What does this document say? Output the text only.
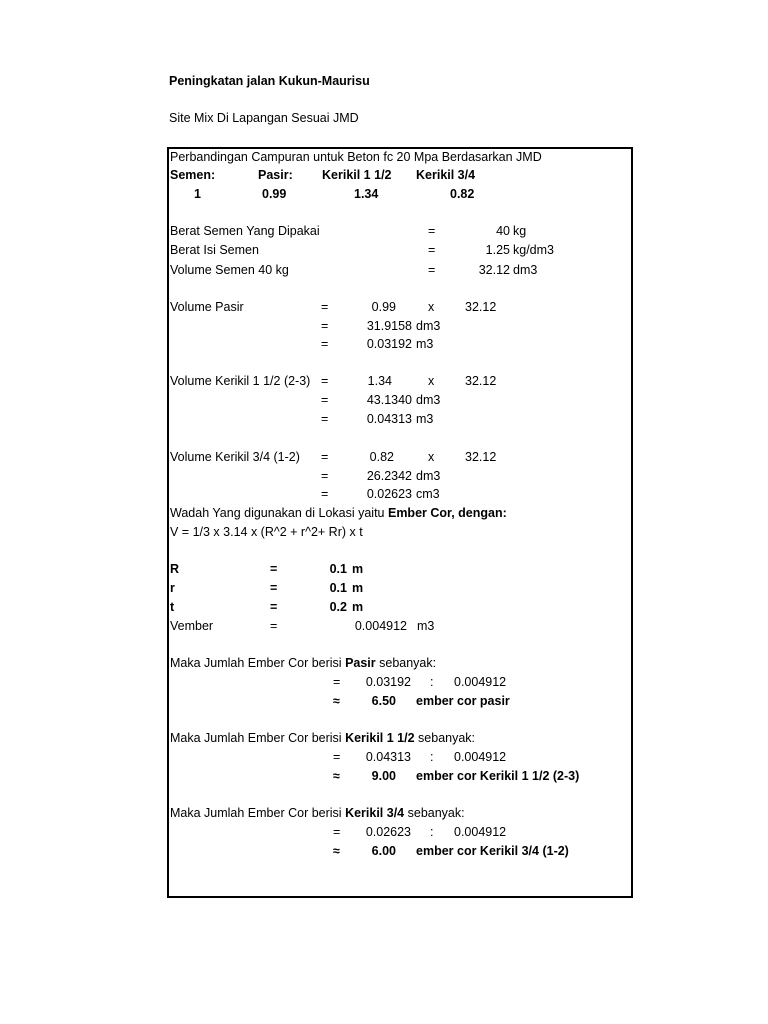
Peningkatan jalan Kukun-Maurisu
Site Mix Di Lapangan Sesuai JMD
Perbandingan Campuran untuk Beton fc 20 Mpa Berdasarkan JMD
Semen:	Pasir: Kerikil 1 1/2 Kerikil 3/4
1	0.99	1.34	0.82
Berat Semen Yang Dipakai	=	40 kg
Berat Isi Semen	=	1.25 kg/dm3
Volume Semen 40 kg	=	32.12 dm3
Volume Pasir	=	0.99	x 32.12
=	31.9158 dm3
=	0.03192 m3
Volume Kerikil 1 1/2 (2-3) =	1.34	x 32.12
=	43.1340 dm3
=	0.04313 m3
Volume Kerikil 3/4 (1-2) =	0.82	x 32.12
=	26.2342 dm3
=	0.02623 cm3
Wadah Yang digunakan di Lokasi yaitu Ember Cor, dengan:
V = 1/3 x 3.14 x (R^2 + r^2+ Rr) x t
R	=	0.1 m
r	=	0.1 m
t	=	0.2 m
Vember	=	0.004912 m3
Maka Jumlah Ember Cor berisi Pasir sebanyak:
=	0.03192 : 0.004912
≈	6.50 ember cor pasir
Maka Jumlah Ember Cor berisi Kerikil 1 1/2 sebanyak:
=	0.04313 : 0.004912
≈	9.00 ember cor Kerikil 1 1/2 (2-3)
Maka Jumlah Ember Cor berisi Kerikil 3/4 sebanyak:
=	0.02623 : 0.004912
≈	6.00 ember cor Kerikil 3/4 (1-2)
